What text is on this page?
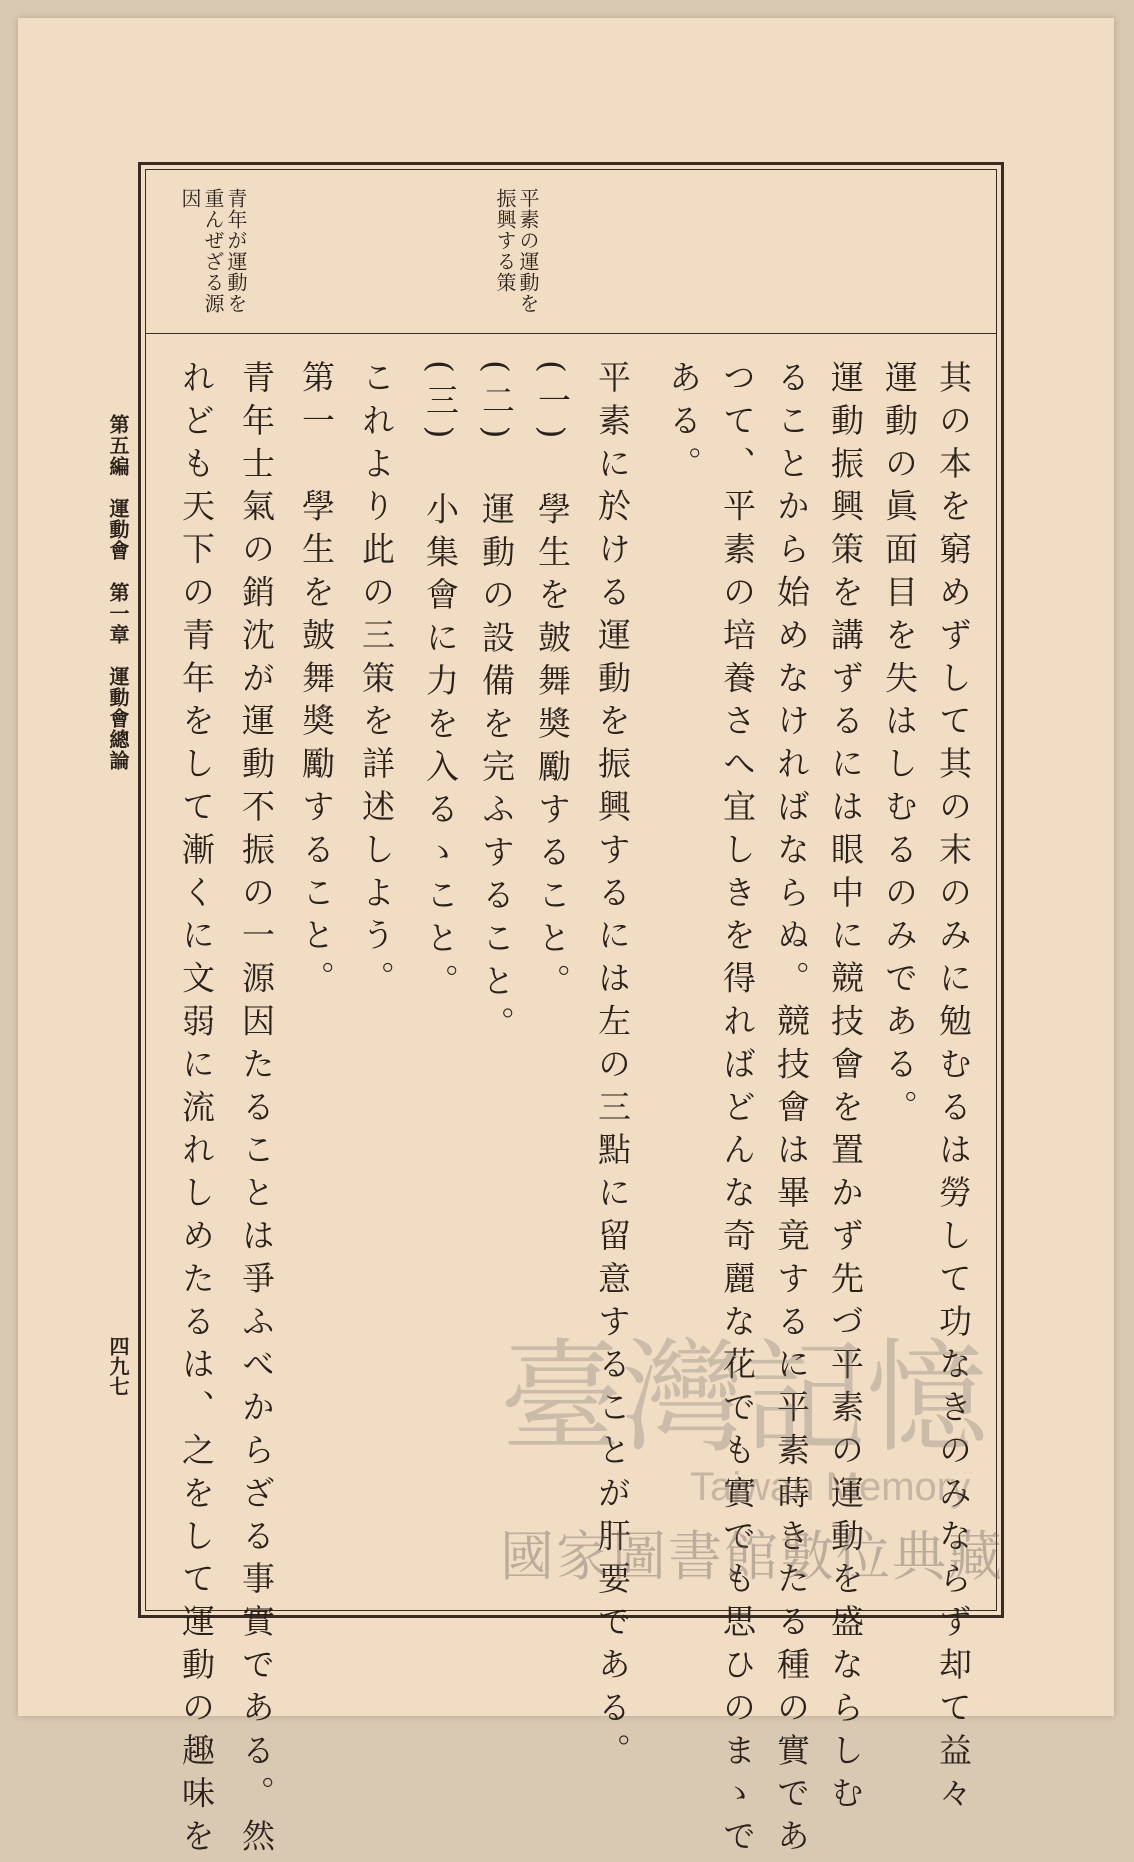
平素の運動を
振興する策
青年が運動を
重んぜざる源
因
其の本を窮めずして其の末のみに勉むるは勞して功なきのみならず却て益々
運動の眞面目を失はしむるのみである。
運動振興策を講ずるには眼中に競技會を置かず先づ平素の運動を盛ならしむ
ることから始めなければならぬ。競技會は畢竟するに平素蒔きたる種の實であ
つて、平素の培養さへ宜しきを得ればどんな奇麗な花でも實でも思ひのまゝで
ある。
平素に於ける運動を振興するには左の三點に留意することが肝要である。
(一)　學生を皷舞奬勵すること。
(二)　運動の設備を完ふすること。
(三)　小集會に力を入るゝこと。
これより此の三策を詳述しよう。
第一　學生を皷舞奬勵すること。
青年士氣の銷沈が運動不振の一源因たることは爭ふべからざる事實である。然
れども天下の青年をして漸くに文弱に流れしめたるは、之をして運動の趣味を
第五編　運動會　第一章　運動會總論
四九七	臺灣記憶
Taiwan Memory
國家圖書館數位典藏
